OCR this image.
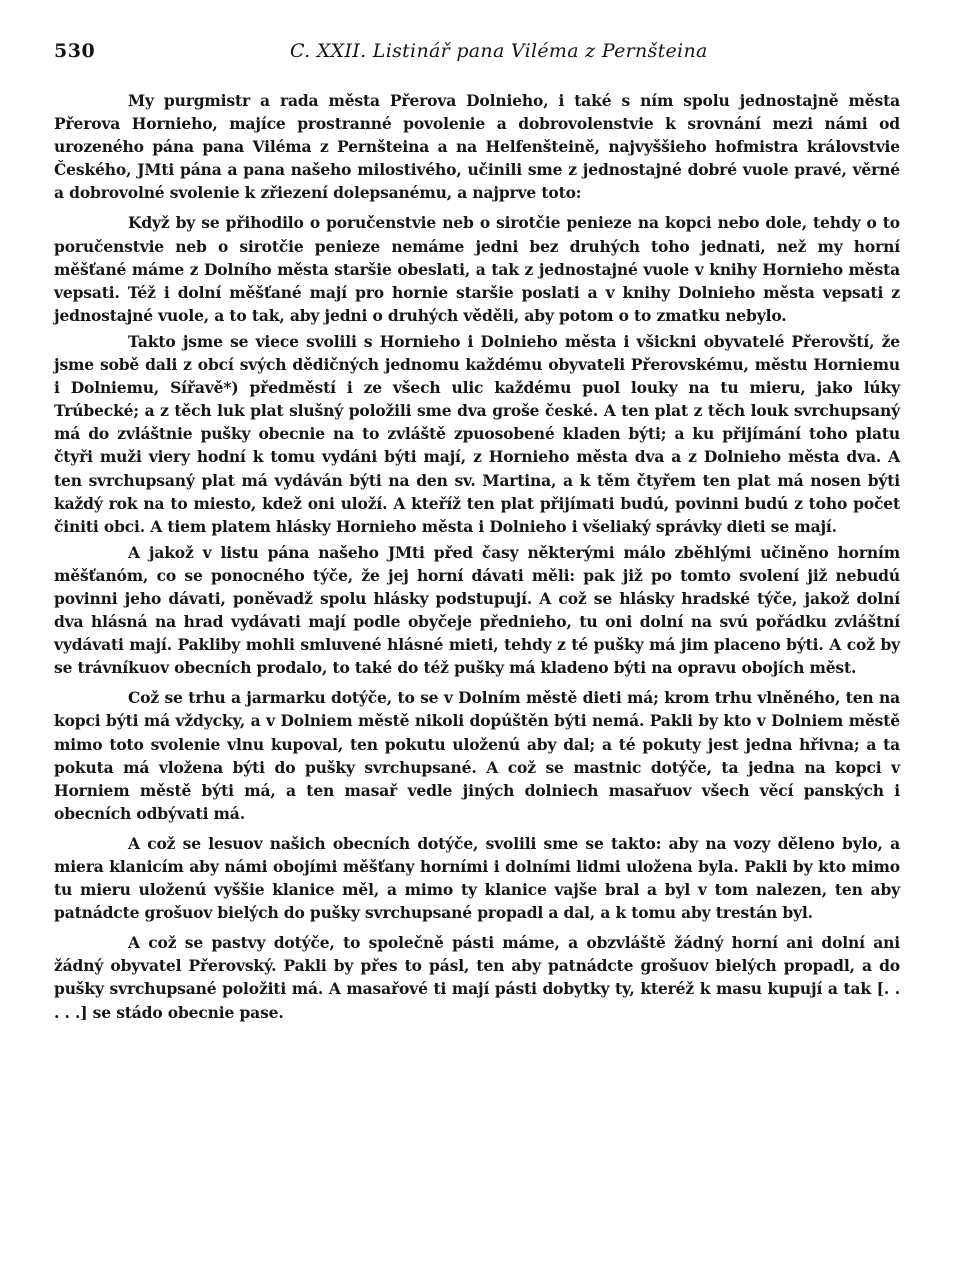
530	C. XXII. Listinář pana Viléma z Pernšteina

My purgmistr a rada města Přerova Dolnieho, i také s ním spolu jednostajně města Přerova Hornieho, majíce prostranné povolenie a dobrovolenstvie k srovnání mezi námi od urozeného pána pana Viléma z Pernšteina a na Helfenšteině, najvyššieho hofmistra královstvie Českého, JMti pána a pana našeho milostivého, učinili sme z jednostajné dobré vuole pravé, věrné a dobrovolné svolenie k zřiezení dolepsanému, a najprve toto:

Když by se přihodilo o poručenstvie neb o sirotčie penieze na kopci nebo dole, tehdy o to poručenstvie neb o sirotčie penieze nemáme jedni bez druhých toho jednati, než my horní měšťané máme z Dolního města staršie obeslati, a tak z jednostajné vuole v knihy Hornieho města vepsati. Též i dolní měšťané mají pro hornie staršie poslati a v knihy Dolnieho města vepsati z jednostajné vuole, a to tak, aby jedni o druhých věděli, aby potom o to zmatku nebylo.

Takto jsme se viece svolili s Hornieho i Dolnieho města i všickni obyvatelé Přerovští, že jsme sobě dali z obcí svých dědičných jednomu každému obyvateli Přerovskému, městu Horniemu i Dolniemu, Sířavě*) předměstí i ze všech ulic každému puol louky na tu mieru, jako lúky Trúbecké; a z těch luk plat slušný položili sme dva groše české. A ten plat z těch louk svrchupsaný má do zvláštnie pušky obecnie na to zvláště zpuosobené kladen býti; a ku přijímání toho platu čtyři muži viery hodní k tomu vydáni býti mají, z Hornieho města dva a z Dolnieho města dva. A ten svrchupsaný plat má vydáván býti na den sv. Martina, a k těm čtyřem ten plat má nosen býti každý rok na to miesto, kdež oni uloží. A kteříž ten plat přijímati budú, povinni budú z toho počet činiti obci. A tiem platem hlásky Hornieho města i Dolnieho i všeliaký správky dieti se mají.

A jakož v listu pána našeho JMti před časy některými málo zběhlými učiněno horním měšťanóm, co se ponocného týče, že jej horní dávati měli: pak již po tomto svolení již nebudú povinni jeho dávati, poněvadž spolu hlásky podstupují. A což se hlásky hradské týče, jakož dolní dva hlásná na hrad vydávati mají podle obyčeje přednieho, tu oni dolní na svú pořádku zvláštní vydávati mají. Pakliby mohli smluvené hlásné mieti, tehdy z té pušky má jim placeno býti. A což by se trávníkuov obecních prodalo, to také do též pušky má kladeno býti na opravu obojích měst.

Což se trhu a jarmarku dotýče, to se v Dolním městě dieti má; krom trhu vlněného, ten na kopci býti má vždycky, a v Dolniem městě nikoli dopúštěn býti nemá. Pakli by kto v Dolniem městě mimo toto svolenie vlnu kupoval, ten pokutu uloženú aby dal; a té pokuty jest jedna hřivna; a ta pokuta má vložena býti do pušky svrchupsané. A což se mastnic dotýče, ta jedna na kopci v Horniem městě býti má, a ten masař vedle jiných dolniech masařuov všech věcí panských i obecních odbývati má.

A což se lesuov našich obecních dotýče, svolili sme se takto: aby na vozy děleno bylo, a miera klanicím aby námi obojími měšťany horními i dolními lidmi uložena byla. Pakli by kto mimo tu mieru uloženú vyššie klanice měl, a mimo ty klanice vajše bral a byl v tom nalezen, ten aby patnádcte grošuov bielých do pušky svrchupsané propadl a dal, a k tomu aby trestán byl.

A což se pastvy dotýče, to společně pásti máme, a obzvláště žádný horní ani dolní ani žádný obyvatel Přerovský. Pakli by přes to pásl, ten aby patnádcte grošuov bielých propadl, a do pušky svrchupsané položiti má. A masařové ti mají pásti dobytky ty, kteréž k masu kupují a tak [. . . . .] se stádo obecnie pase.
